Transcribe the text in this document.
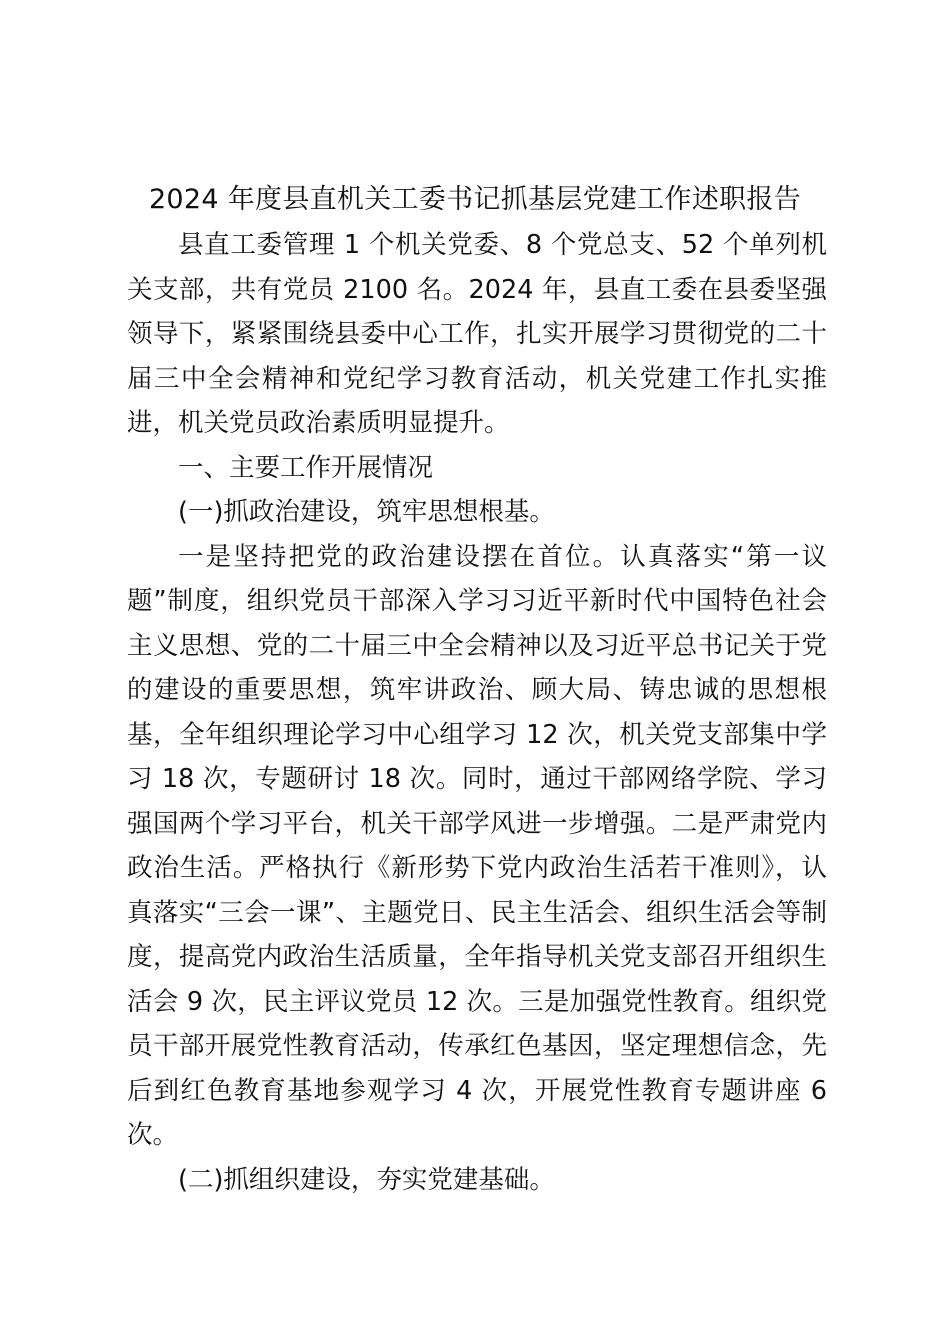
2024 年度县直机关工委书记抓基层党建工作述职报告

县直工委管理 1 个机关党委、8 个党总支、52 个单列机关支部，共有党员 2100 名。2024 年，县直工委在县委坚强领导下，紧紧围绕县委中心工作，扎实开展学习贯彻党的二十届三中全会精神和党纪学习教育活动，机关党建工作扎实推进，机关党员政治素质明显提升。

一、主要工作开展情况

(一)抓政治建设，筑牢思想根基。

一是坚持把党的政治建设摆在首位。认真落实“第一议题”制度，组织党员干部深入学习习近平新时代中国特色社会主义思想、党的二十届三中全会精神以及习近平总书记关于党的建设的重要思想，筑牢讲政治、顾大局、铸忠诚的思想根基，全年组织理论学习中心组学习 12 次，机关党支部集中学习 18 次，专题研讨 18 次。同时，通过干部网络学院、学习强国两个学习平台，机关干部学风进一步增强。二是严肃党内政治生活。严格执行《新形势下党内政治生活若干准则》，认真落实“三会一课”、主题党日、民主生活会、组织生活会等制度，提高党内政治生活质量，全年指导机关党支部召开组织生活会 9 次，民主评议党员 12 次。三是加强党性教育。组织党员干部开展党性教育活动，传承红色基因，坚定理想信念，先后到红色教育基地参观学习 4 次，开展党性教育专题讲座 6 次。

(二)抓组织建设，夯实党建基础。
